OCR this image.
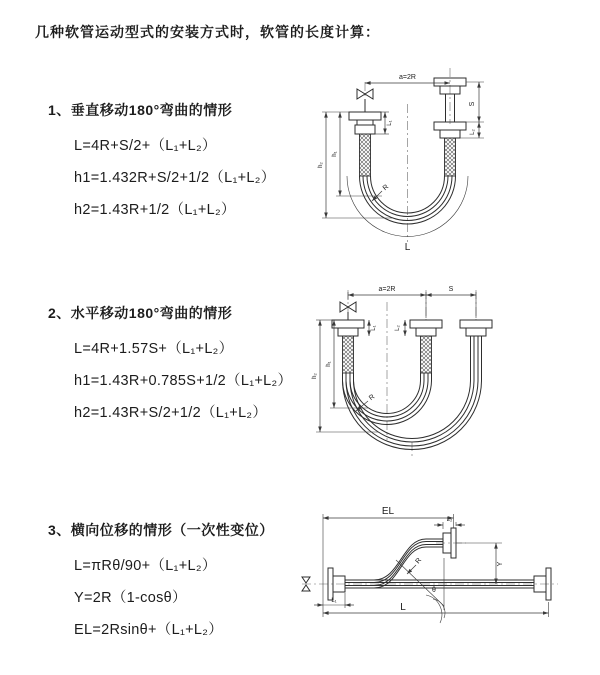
几种软管运动型式的安装方式时，软管的长度计算：
1、垂直移动180°弯曲的情形
L=4R+S/2+（L₁+L₂）
h1=1.432R+S/2+1/2（L₁+L₂）
h2=1.43R+1/2（L₁+L₂）
2、水平移动180°弯曲的情形
L=4R+1.57S+（L₁+L₂）
h1=1.43R+0.785S+1/2（L₁+L₂）
h2=1.43R+S/2+1/2（L₁+L₂）
3、横向位移的情形（一次性变位）
L=πRθ/90+（L₁+L₂）
Y=2R（1-cosθ）
EL=2Rsinθ+（L₁+L₂）
a=2R
S
L₂
L₁
h₁
h₂
R
L
a=2R	S
h₁
h₂
L₁	L₂
R
θ
R
EL
L₂
Y
L₁
L
